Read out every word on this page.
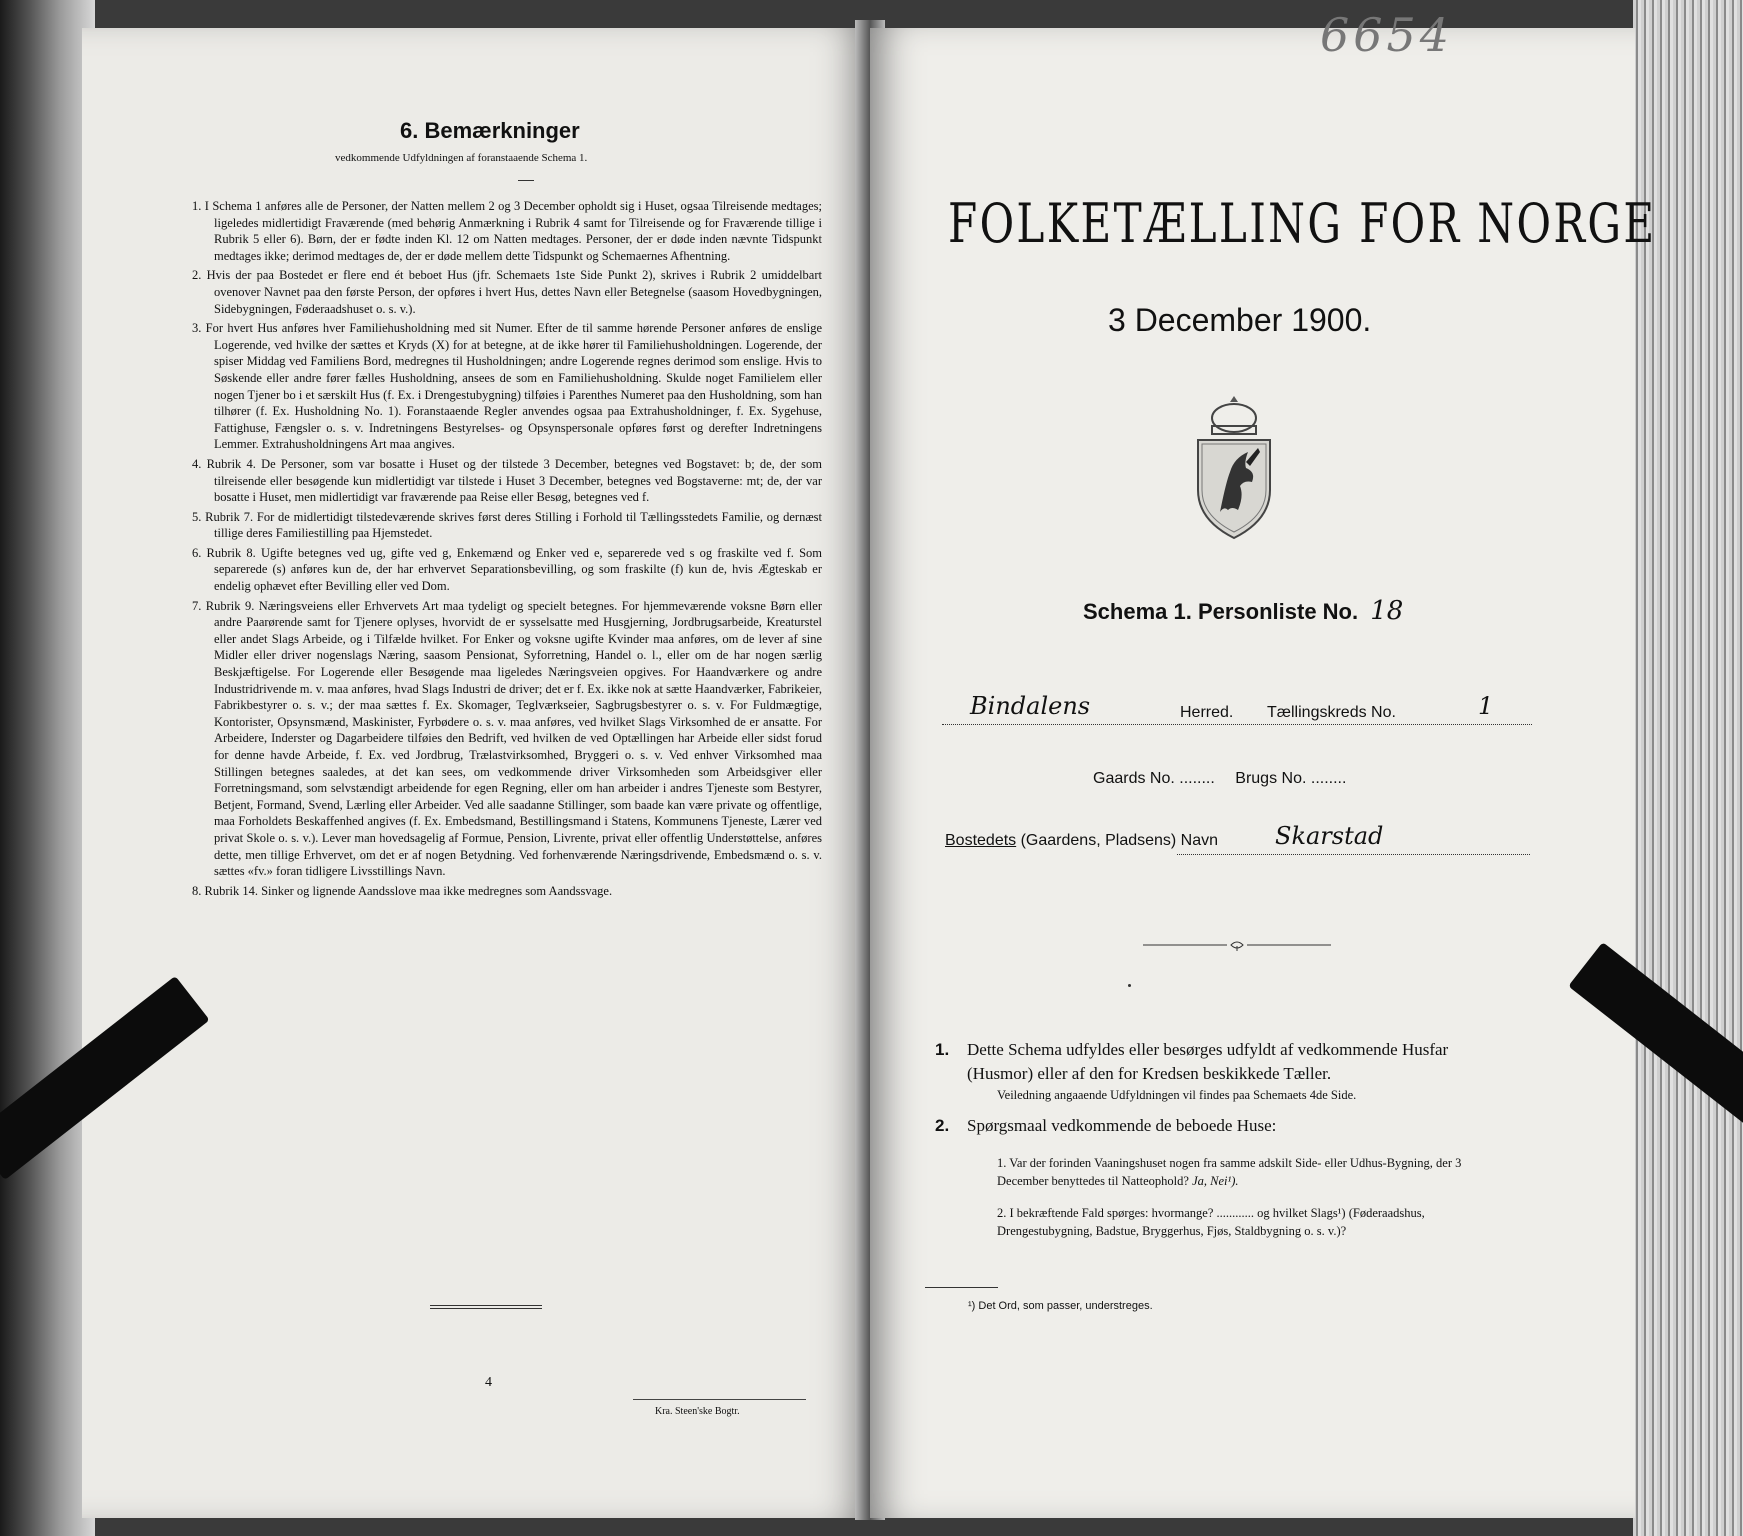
6. Bemærkninger
vedkommende Udfyldningen af foranstaaende Schema 1.
1. I Schema 1 anføres alle de Personer, der Natten mellem 2 og 3 December opholdt sig i Huset, ogsaa Tilreisende medtages; ligeledes midlertidigt Fraværende (med behørig Anmærkning i Rubrik 4 samt for Tilreisende og for Fraværende tillige i Rubrik 5 eller 6). Børn, der er fødte inden Kl. 12 om Natten medtages. Personer, der er døde inden nævnte Tidspunkt medtages ikke; derimod medtages de, der er døde mellem dette Tidspunkt og Schemaernes Afhentning.
2. Hvis der paa Bostedet er flere end ét beboet Hus (jfr. Schemaets 1ste Side Punkt 2), skrives i Rubrik 2 umiddelbart ovenover Navnet paa den første Person, der opføres i hvert Hus, dettes Navn eller Betegnelse (saasom Hovedbygningen, Sidebygningen, Føderaadshuset o. s. v.).
3. For hvert Hus anføres hver Familiehusholdning med sit Numer. Efter de til samme hørende Personer anføres de enslige Logerende, ved hvilke der sættes et Kryds (X) for at betegne, at de ikke hører til Familiehusholdningen. Logerende, der spiser Middag ved Familiens Bord, medregnes til Husholdningen; andre Logerende regnes derimod som enslige. Hvis to Søskende eller andre fører fælles Husholdning, ansees de som en Familiehusholdning. Skulde noget Familielem eller nogen Tjener bo i et særskilt Hus (f. Ex. i Drengestubygning) tilføies i Parenthes Numeret paa den Husholdning, som han tilhører (f. Ex. Husholdning No. 1). Foranstaaende Regler anvendes ogsaa paa Extrahusholdninger, f. Ex. Sygehuse, Fattighuse, Fængsler o. s. v. Indretningens Bestyrelses- og Opsynspersonale opføres først og derefter Indretningens Lemmer. Extrahusholdningens Art maa angives.
4. Rubrik 4. De Personer, som var bosatte i Huset og der tilstede 3 December, betegnes ved Bogstavet: b; de, der som tilreisende eller besøgende kun midlertidigt var tilstede i Huset 3 December, betegnes ved Bogstaverne: mt; de, der var bosatte i Huset, men midlertidigt var fraværende paa Reise eller Besøg, betegnes ved f.
5. Rubrik 7. For de midlertidigt tilstedeværende skrives først deres Stilling i Forhold til Tællingsstedets Familie, og dernæst tillige deres Familiestilling paa Hjemstedet.
6. Rubrik 8. Ugifte betegnes ved ug, gifte ved g, Enkemænd og Enker ved e, separerede ved s og fraskilte ved f. Som separerede (s) anføres kun de, der har erhvervet Separationsbevilling, og som fraskilte (f) kun de, hvis Ægteskab er endelig ophævet efter Bevilling eller ved Dom.
7. Rubrik 9. Næringsveiens eller Erhvervets Art maa tydeligt og specielt betegnes. For hjemmeværende voksne Børn eller andre Paarørende samt for Tjenere oplyses, hvorvidt de er sysselsatte med Husgjerning, Jordbrugsarbeide, Kreaturstel eller andet Slags Arbeide, og i Tilfælde hvilket. For Enker og voksne ugifte Kvinder maa anføres, om de lever af sine Midler eller driver nogenslags Næring, saasom Pensionat, Syforretning, Handel o. l., eller om de har nogen særlig Beskjæftigelse. For Logerende eller Besøgende maa ligeledes Næringsveien opgives. For Haandværkere og andre Industridrivende m. v. maa anføres, hvad Slags Industri de driver; det er f. Ex. ikke nok at sætte Haandværker, Fabrikeier, Fabrikbestyrer o. s. v.; der maa sættes f. Ex. Skomager, Teglværkseier, Sagbrugsbestyrer o. s. v. For Fuldmægtige, Kontorister, Opsynsmænd, Maskinister, Fyrbødere o. s. v. maa anføres, ved hvilket Slags Virksomhed de er ansatte. For Arbeidere, Inderster og Dagarbeidere tilføies den Bedrift, ved hvilken de ved Optællingen har Arbeide eller sidst forud for denne havde Arbeide, f. Ex. ved Jordbrug, Trælastvirksomhed, Bryggeri o. s. v. Ved enhver Virksomhed maa Stillingen betegnes saaledes, at det kan sees, om vedkommende driver Virksomheden som Arbeidsgiver eller Forretningsmand, som selvstændigt arbeidende for egen Regning, eller om han arbeider i andres Tjeneste som Bestyrer, Betjent, Formand, Svend, Lærling eller Arbeider. Ved alle saadanne Stillinger, som baade kan være private og offentlige, maa Forholdets Beskaffenhed angives (f. Ex. Embedsmand, Bestillingsmand i Statens, Kommunens Tjeneste, Lærer ved privat Skole o. s. v.). Lever man hovedsagelig af Formue, Pension, Livrente, privat eller offentlig Understøttelse, anføres dette, men tillige Erhvervet, om det er af nogen Betydning. Ved forhenværende Næringsdrivende, Embedsmænd o. s. v. sættes «fv.» foran tidligere Livsstillings Navn.
8. Rubrik 14. Sinker og lignende Aandsslove maa ikke medregnes som Aandssvage.
4
Kra. Steen'ske Bogtr.
6654
FOLKETÆLLING FOR NORGE
3 December 1900.
Schema 1. Personliste No. 18
Bindalens	Herred. Tællingskreds No.	1
Gaards No. ........ Brugs No. ........
Bostedets (Gaardens, Pladsens) Navn Skarstad
1. Dette Schema udfyldes eller besørges udfyldt af vedkommende Husfar (Husmor) eller af den for Kredsen beskikkede Tæller.

Veiledning angaaende Udfyldningen vil findes paa Schemaets 4de Side.

2. Spørgsmaal vedkommende de beboede Huse:

1. Var der forinden Vaaningshuset nogen fra samme adskilt Side- eller Udhus-Bygning, der 3 December benyttedes til Natteophold? Ja, Nei¹).

2. I bekræftende Fald spørges: hvormange? ............ og hvilket Slags¹) (Føderaadshus, Drengestubygning, Badstue, Bryggerhus, Fjøs, Staldbygning o. s. v.)?

¹) Det Ord, som passer, understreges.
